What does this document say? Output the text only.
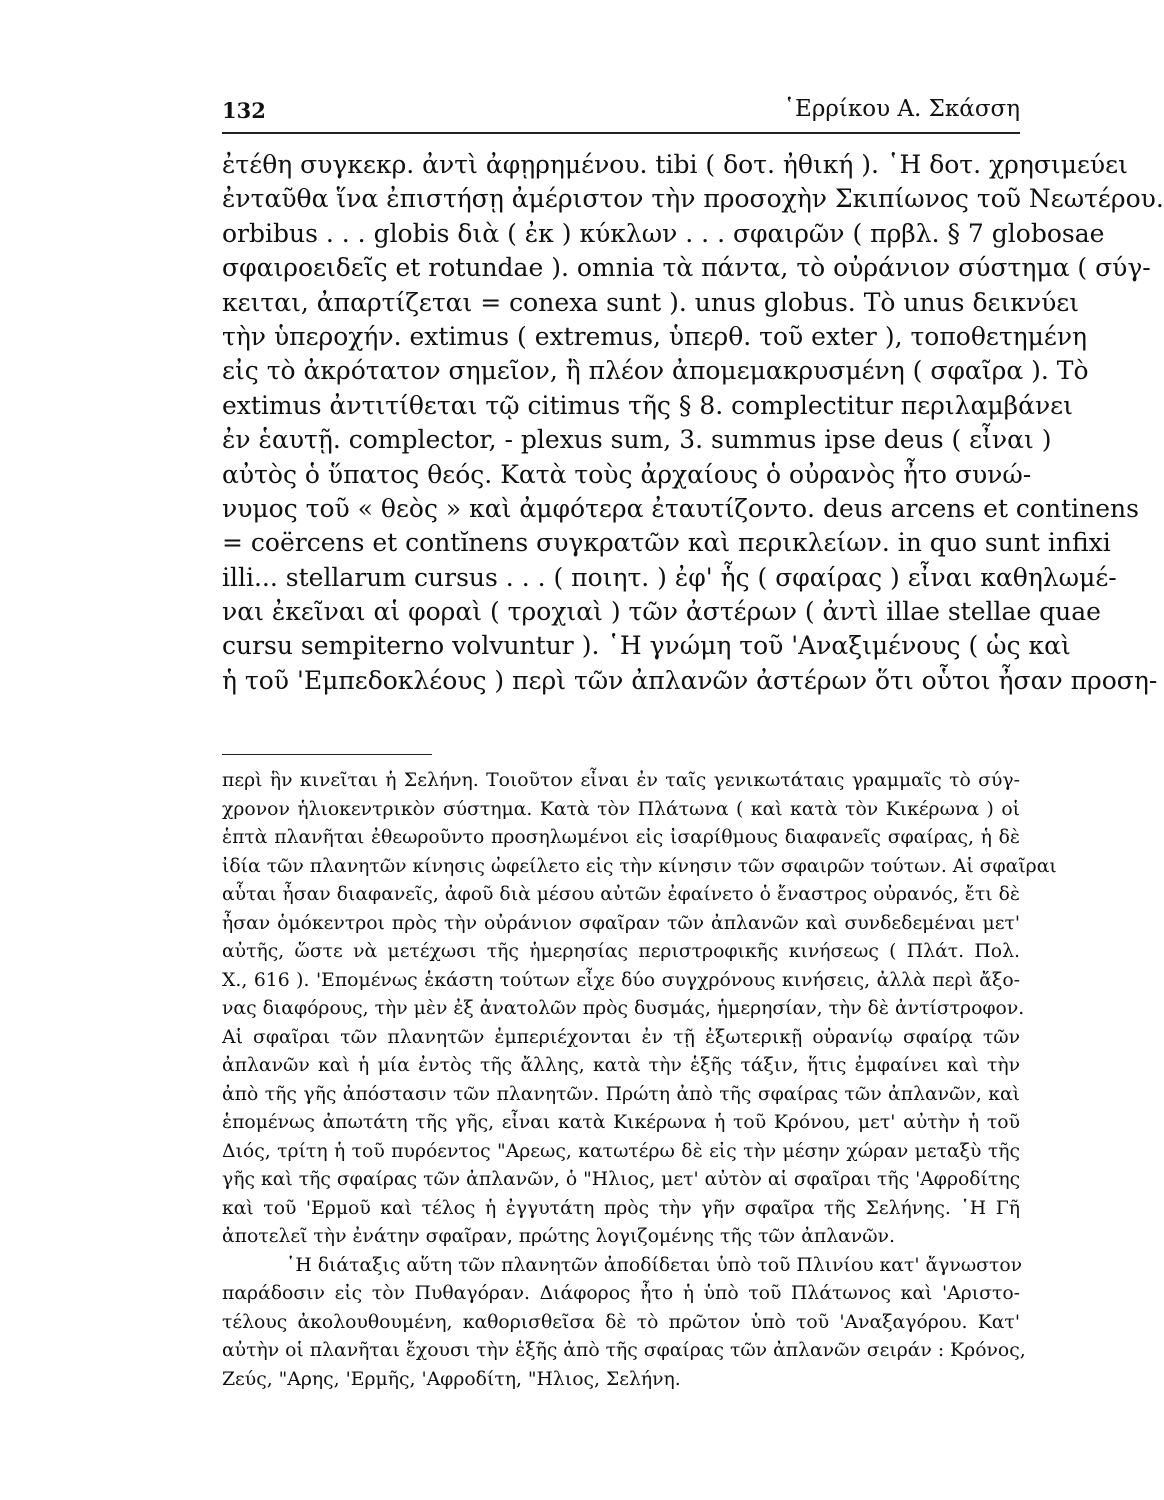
132	῾Ερρίκου Α. Σκάσση
ἐτέθη συγκεκρ. ἀντὶ ἀφῃρημένου. tibi ( δοτ. ἠθική ). ῾Η δοτ. χρησιμεύει
ἐνταῦθα ἵνα ἐπιστήσῃ ἀμέριστον τὴν προσοχὴν Σκιπίωνος τοῦ Νεωτέρου.
orbibus . . . globis διὰ ( ἐκ ) κύκλων . . . σφαιρῶν ( πρβλ. § 7 globosae
σφαιροειδεῖς et rotundae ). omnia τὰ πάντα, τὸ οὐράνιον σύστημα ( σύγ-
κειται, ἀπαρτίζεται = conexa sunt ). unus globus. Τὸ unus δεικνύει
τὴν ὑπεροχήν. extimus ( extremus, ὑπερθ. τοῦ exter ), τοποθετημένη
εἰς τὸ ἀκρότατον σημεῖον, ἢ πλέον ἀπομεμακρυσμένη ( σφαῖρα ). Τὸ
extimus ἀντιτίθεται τῷ citimus τῆς § 8. complectitur περιλαμβάνει
ἐν ἑαυτῇ. complector, - plexus sum, 3. summus ipse deus ( εἶναι )
αὐτὸς ὁ ὕπατος θεός. Κατὰ τοὺς ἀρχαίους ὁ οὐρανὸς ἦτο συνώ-
νυμος τοῦ « θεὸς » καὶ ἀμφότερα ἐταυτίζοντο. deus arcens et continens
= coërcens et contĭnens συγκρατῶν καὶ περικλείων. in quo sunt infixi
illi... stellarum cursus . . . ( ποιητ. ) ἐφ' ἧς ( σφαίρας ) εἶναι καθηλωμέ-
ναι ἐκεῖναι αἱ φοραὶ ( τροχιαὶ ) τῶν ἀστέρων ( ἀντὶ illae stellae quae
cursu sempiterno volvuntur ). ῾Η γνώμη τοῦ 'Αναξιμένους ( ὡς καὶ
ἡ τοῦ 'Εμπεδοκλέους ) περὶ τῶν ἀπλανῶν ἀστέρων ὅτι οὗτοι ἦσαν προση-
περὶ ἣν κινεῖται ἡ Σελήνη. Τοιοῦτον εἶναι ἐν ταῖς γενικωτάταις γραμμαῖς τὸ σύγ-
χρονον ἡλιοκεντρικὸν σύστημα. Κατὰ τὸν Πλάτωνα ( καὶ κατὰ τὸν Κικέρωνα ) οἱ
ἑπτὰ πλανῆται ἐθεωροῦντο προσηλωμένοι εἰς ἰσαρίθμους διαφανεῖς σφαίρας, ἡ δὲ
ἰδία τῶν πλανητῶν κίνησις ὠφείλετο εἰς τὴν κίνησιν τῶν σφαιρῶν τούτων. Αἱ σφαῖραι
αὗται ἦσαν διαφανεῖς, ἀφοῦ διὰ μέσου αὐτῶν ἐφαίνετο ὁ ἔναστρος οὐρανός, ἔτι δὲ
ἦσαν ὁμόκεντροι πρὸς τὴν οὐράνιον σφαῖραν τῶν ἀπλανῶν καὶ συνδεδεμέναι μετ'
αὐτῆς, ὥστε νὰ μετέχωσι τῆς ἡμερησίας περιστροφικῆς κινήσεως ( Πλάτ. Πολ.
Χ., 616 ). 'Επομένως ἑκάστη τούτων εἶχε δύο συγχρόνους κινήσεις, ἀλλὰ περὶ ἄξο-
νας διαφόρους, τὴν μὲν ἐξ ἀνατολῶν πρὸς δυσμάς, ἡμερησίαν, τὴν δὲ ἀντίστροφον.
Αἱ σφαῖραι τῶν πλανητῶν ἐμπεριέχονται ἐν τῇ ἐξωτερικῇ οὐρανίῳ σφαίρᾳ τῶν
ἀπλανῶν καὶ ἡ μία ἐντὸς τῆς ἄλλης, κατὰ τὴν ἑξῆς τάξιν, ἥτις ἐμφαίνει καὶ τὴν
ἀπὸ τῆς γῆς ἀπόστασιν τῶν πλανητῶν. Πρώτη ἀπὸ τῆς σφαίρας τῶν ἀπλανῶν, καὶ
ἑπομένως ἀπωτάτη τῆς γῆς, εἶναι κατὰ Κικέρωνα ἡ τοῦ Κρόνου, μετ' αὐτὴν ἡ τοῦ
Διός, τρίτη ἡ τοῦ πυρόεντος "Αρεως, κατωτέρω δὲ εἰς τὴν μέσην χώραν μεταξὺ τῆς
γῆς καὶ τῆς σφαίρας τῶν ἀπλανῶν, ὁ "Ηλιος, μετ' αὐτὸν αἱ σφαῖραι τῆς 'Αφροδίτης
καὶ τοῦ 'Ερμοῦ καὶ τέλος ἡ ἐγγυτάτη πρὸς τὴν γῆν σφαῖρα τῆς Σελήνης. ῾Η Γῆ
ἀποτελεῖ τὴν ἐνάτην σφαῖραν, πρώτης λογιζομένης τῆς τῶν ἀπλανῶν.
῾Η διάταξις αὕτη τῶν πλανητῶν ἀποδίδεται ὑπὸ τοῦ Πλινίου κατ' ἄγνωστον
παράδοσιν εἰς τὸν Πυθαγόραν. Διάφορος ἦτο ἡ ὑπὸ τοῦ Πλάτωνος καὶ 'Αριστο-
τέλους ἀκολουθουμένη, καθορισθεῖσα δὲ τὸ πρῶτον ὑπὸ τοῦ 'Αναξαγόρου. Κατ'
αὐτὴν οἱ πλανῆται ἔχουσι τὴν ἑξῆς ἀπὸ τῆς σφαίρας τῶν ἀπλανῶν σειράν : Κρόνος,
Ζεύς, "Αρης, 'Ερμῆς, 'Αφροδίτη, "Ηλιος, Σελήνη.
